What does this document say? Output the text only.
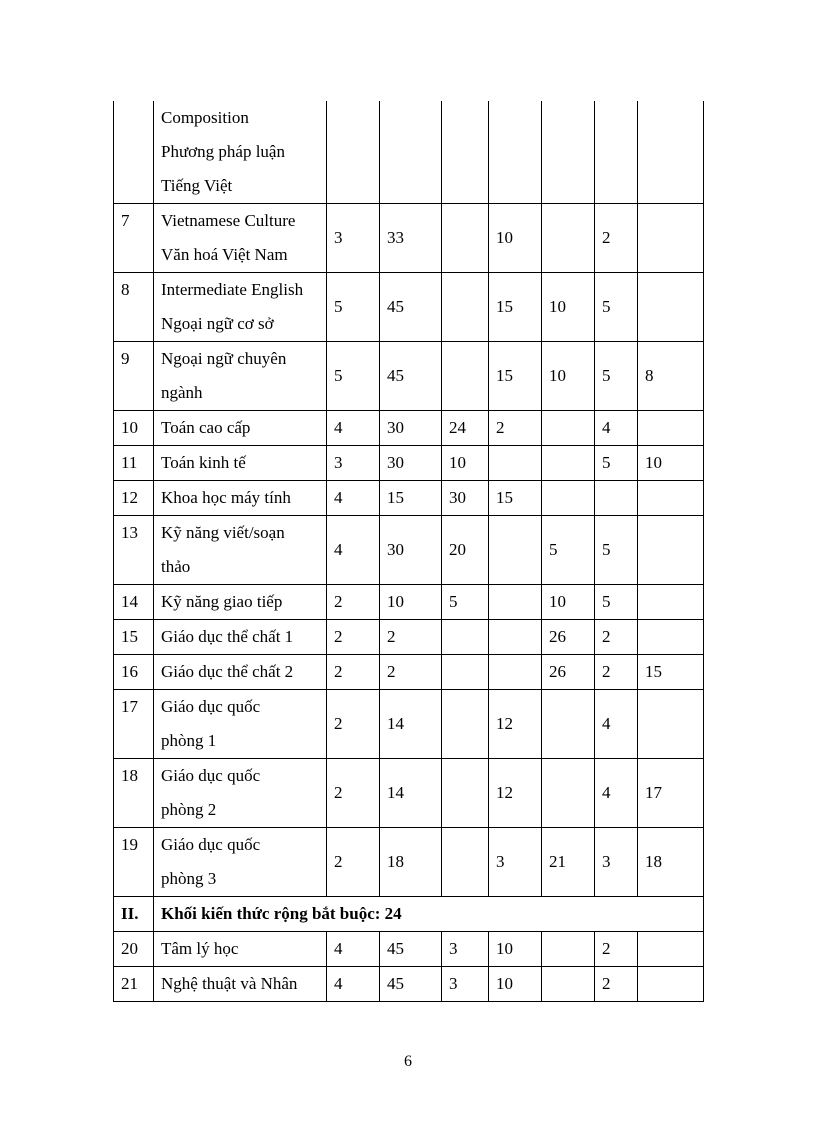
	Composition
Phương pháp luận
Tiếng Việt							

7	Vietnamese Culture
Văn hoá Việt Nam	3	33		10		2	
8	Intermediate English
Ngoại ngữ cơ sở	5	45		15	10	5	
9	Ngoại ngữ chuyên
ngành	5	45		15	10	5	8
10	Toán cao cấp	4	30	24	2		4	
11	Toán kinh tế	3	30	10			5	10
12	Khoa học máy tính	4	15	30	15			
13	Kỹ năng viết/soạn
thảo	4	30	20		5	5	
14	Kỹ năng giao tiếp	2	10	5		10	5	
15	Giáo dục thể chất 1	2	2			26	2	
16	Giáo dục thể chất 2	2	2			26	2	15
17	Giáo dục quốc
phòng 1	2	14		12		4	
18	Giáo dục quốc
phòng 2	2	14		12		4	17
19	Giáo dục quốc
phòng 3	2	18		3	21	3	18
II.	Khối kiến thức rộng bắt buộc: 24							
20	Tâm lý học	4	45	3	10		2	
21	Nghệ thuật và Nhân	4	45	3	10		2	
6
